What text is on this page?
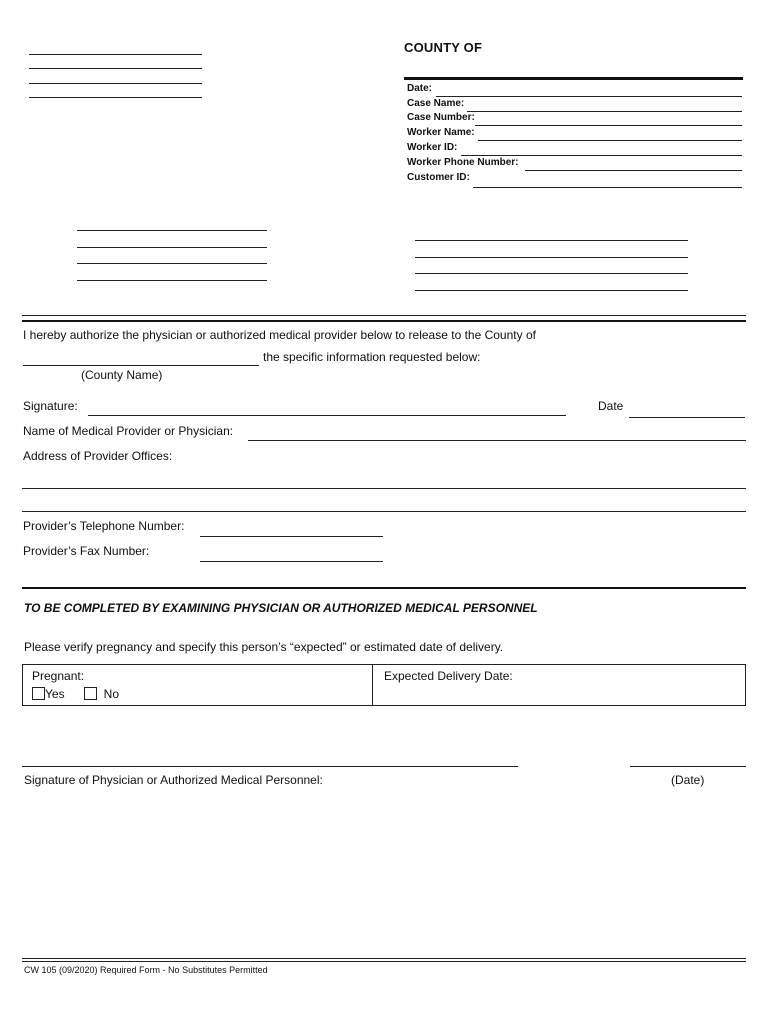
COUNTY OF
Date:
Case Name:
Case Number:
Worker Name:
Worker ID:
Worker Phone Number:
Customer ID:
I hereby authorize the physician or authorized medical provider below to release to the County of
the specific information requested below:
(County Name)
Signature:	Date
Name of Medical Provider or Physician:
Address of Provider Offices:
Provider’s Telephone Number:
Provider’s Fax Number:
TO BE COMPLETED BY EXAMINING PHYSICIAN OR AUTHORIZED MEDICAL PERSONNEL
Please verify pregnancy and specify this person’s “expected” or estimated date of delivery.
Pregnant:
Yes	No
Expected Delivery Date:
Signature of Physician or Authorized Medical Personnel:	(Date)
CW 105 (09/2020) Required Form - No Substitutes Permitted
